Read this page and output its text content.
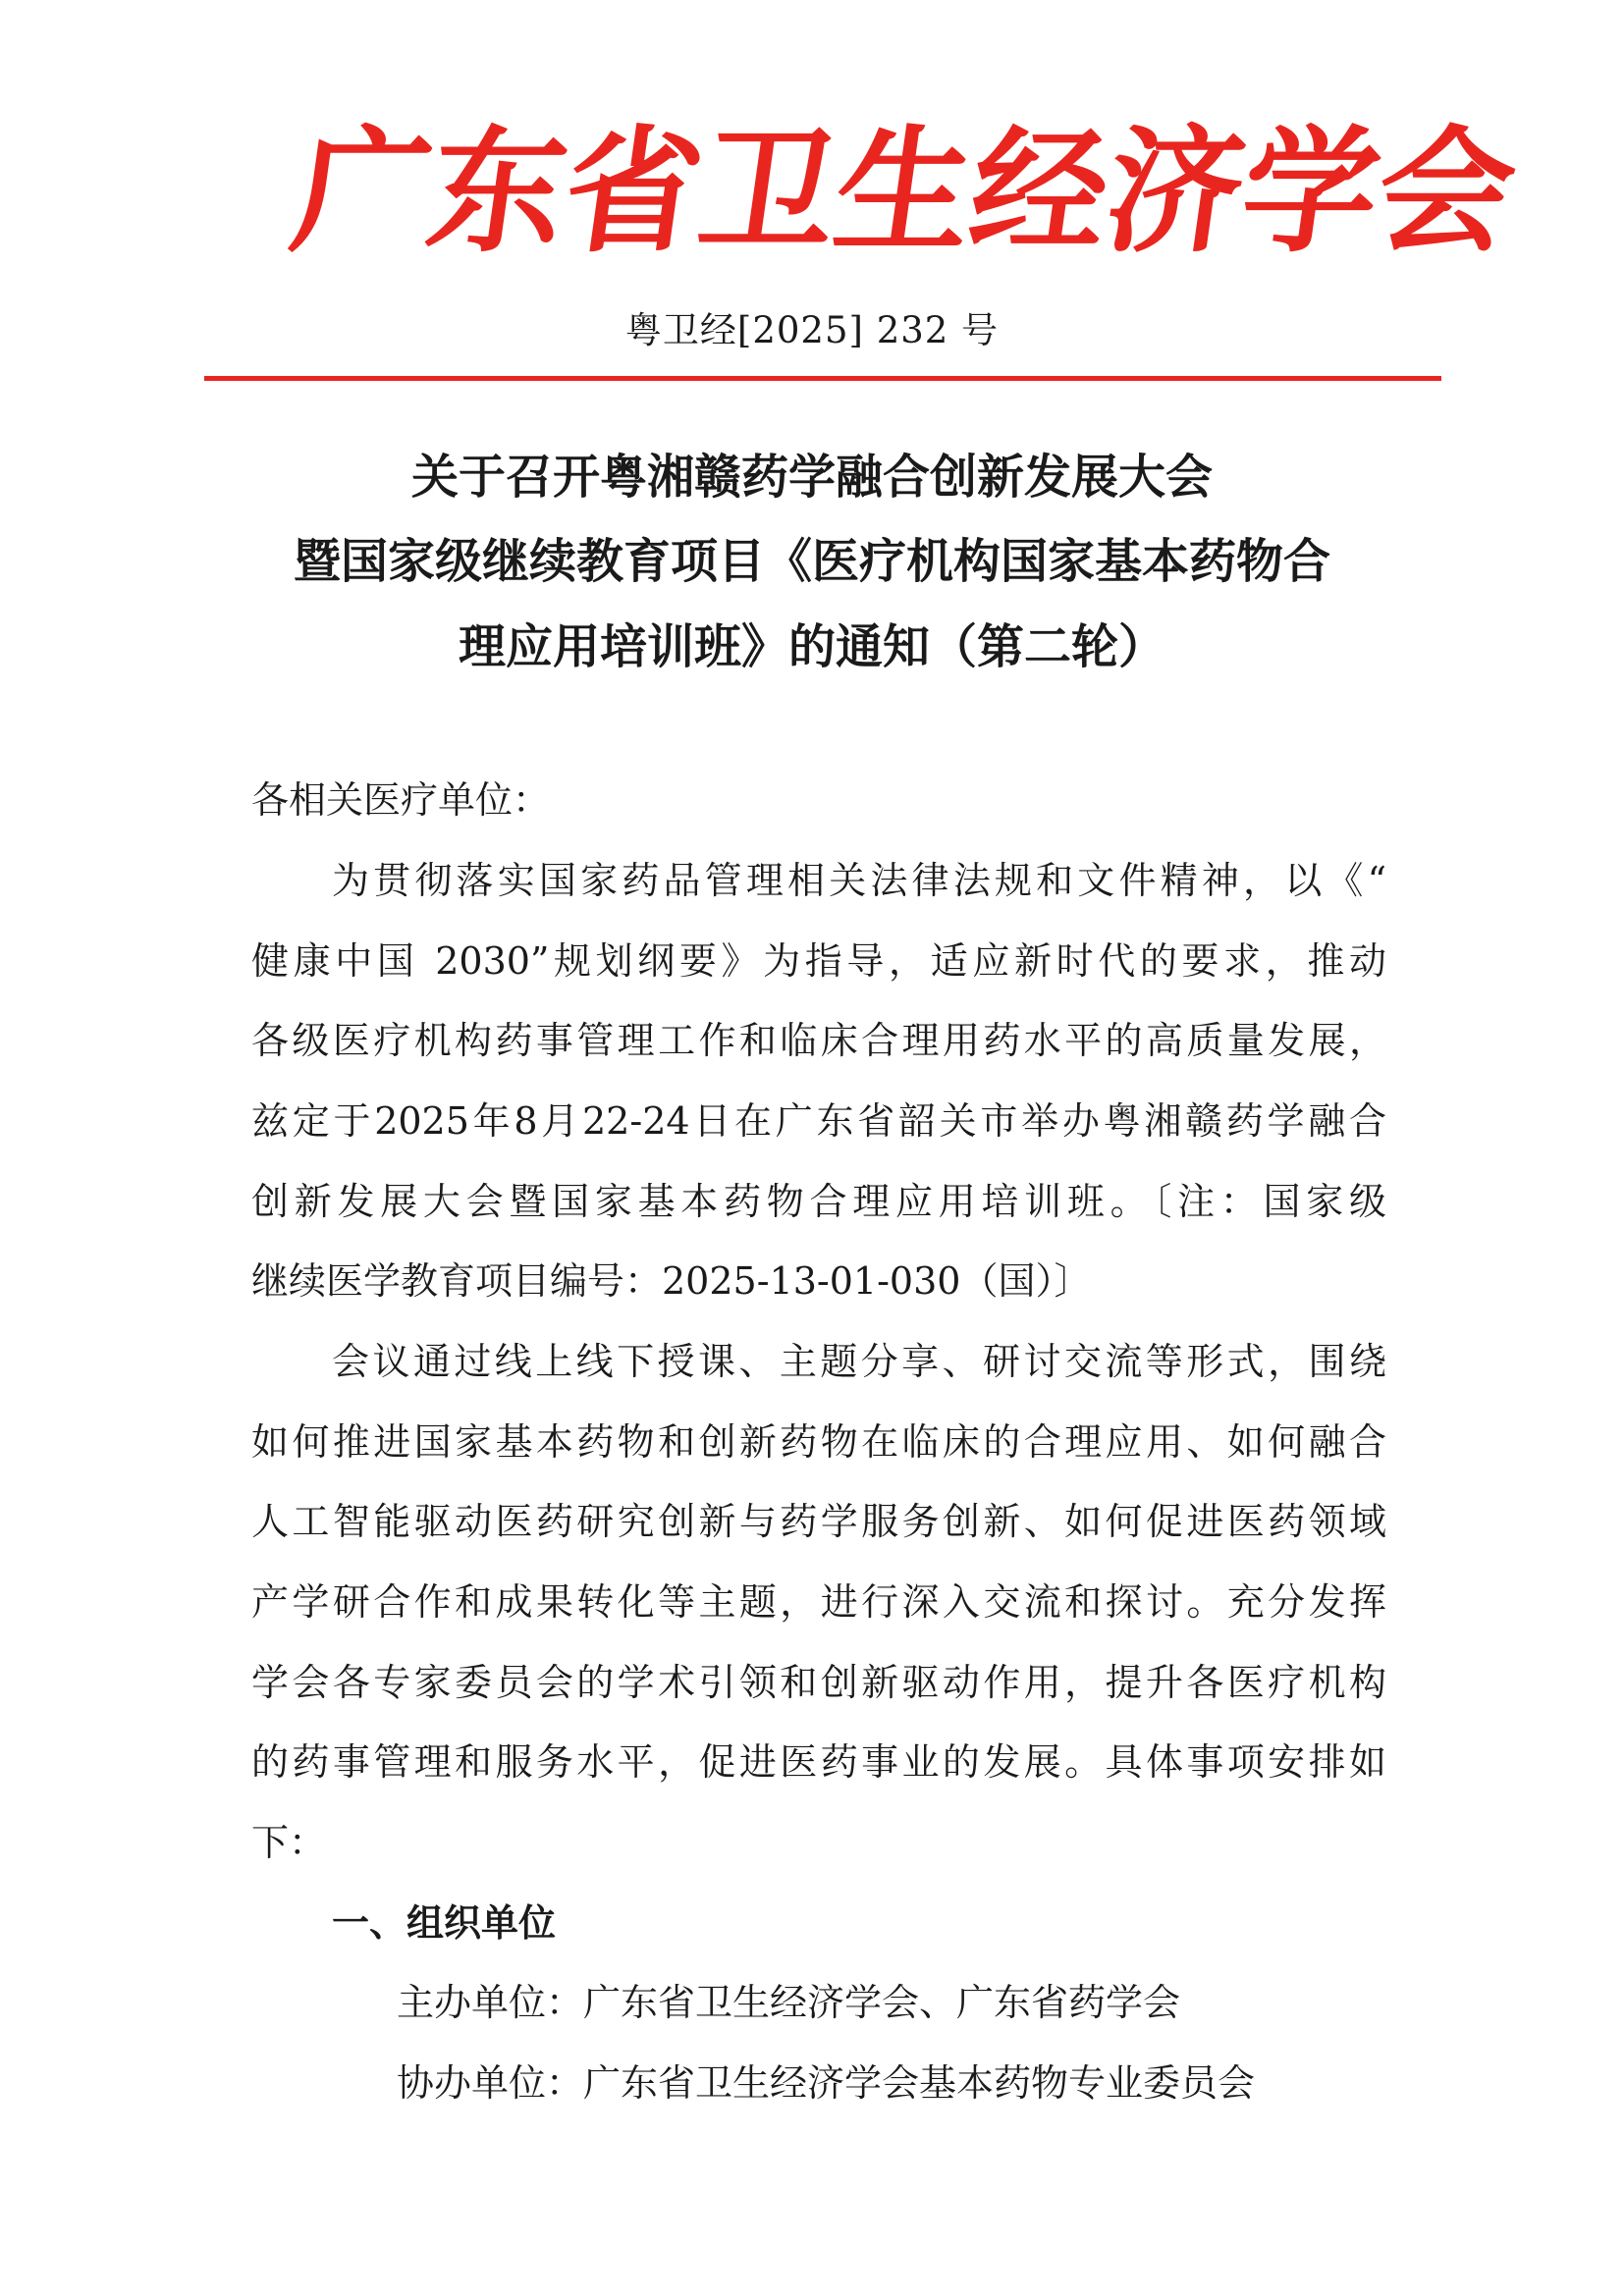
广
东
省
卫
生
经
济
学
会
粤卫经[2025] 232 号
关于召开粤湘赣药学融合创新发展大会
暨国家级继续教育项目《医疗机构国家基本药物合
理应用培训班》的通知（第二轮）
各相关医疗单位：
为贯彻落实国家药品管理相关法律法规和文件精神，以《“
健康中国 2030”规划纲要》为指导，适应新时代的要求，推动
各级医疗机构药事管理工作和临床合理用药水平的高质量发展，
兹定于2025年8月22-24日在广东省韶关市举办粤湘赣药学融合
创新发展大会暨国家基本药物合理应用培训班。〔注：国家级
继续医学教育项目编号：2025-13-01-030（国）〕
会议通过线上线下授课、主题分享、研讨交流等形式，围绕
如何推进国家基本药物和创新药物在临床的合理应用、如何融合
人工智能驱动医药研究创新与药学服务创新、如何促进医药领域
产学研合作和成果转化等主题，进行深入交流和探讨。充分发挥
学会各专家委员会的学术引领和创新驱动作用，提升各医疗机构
的药事管理和服务水平，促进医药事业的发展。具体事项安排如
下：
一、组织单位
主办单位：广东省卫生经济学会、广东省药学会
协办单位：广东省卫生经济学会基本药物专业委员会
